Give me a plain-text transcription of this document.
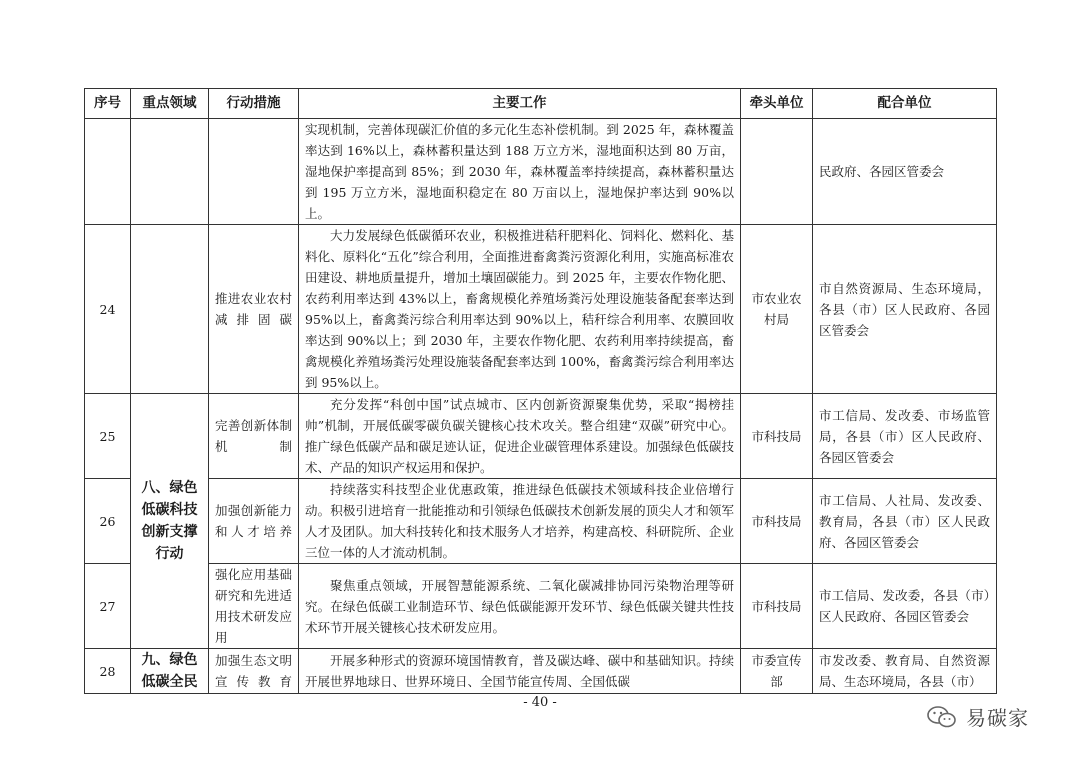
序号	重点领域	行动措施	主要工作	牵头单位	配合单位
			实现机制，完善体现碳汇价值的多元化生态补偿机制。到 2025 年，森林覆盖率达到 16%以上，森林蓄积量达到 188 万立方米，湿地面积达到 80 万亩，湿地保护率提高到 85%；到 2030 年，森林覆盖率持续提高，森林蓄积量达到 195 万立方米，湿地面积稳定在 80 万亩以上，湿地保护率达到 90%以上。		民政府、各园区管委会
24		推进农业农村减排固碳	大力发展绿色低碳循环农业，积极推进秸秆肥料化、饲料化、燃料化、基料化、原料化“五化”综合利用，全面推进畜禽粪污资源化利用，实施高标准农田建设、耕地质量提升，增加土壤固碳能力。到 2025 年，主要农作物化肥、农药利用率达到 43%以上，畜禽规模化养殖场粪污处理设施装备配套率达到 95%以上，畜禽粪污综合利用率达到 90%以上，秸秆综合利用率、农膜回收率达到 90%以上；到 2030 年，主要农作物化肥、农药利用率持续提高，畜禽规模化养殖场粪污处理设施装备配套率达到 100%，畜禽粪污综合利用率达到 95%以上。	市农业农村局	市自然资源局、生态环境局，各县（市）区人民政府、各园区管委会
25	八、绿色低碳科技创新支撑行动	完善创新体制机制	充分发挥“科创中国”试点城市、区内创新资源聚集优势，采取“揭榜挂帅”机制，开展低碳零碳负碳关键核心技术攻关。整合组建“双碳”研究中心。推广绿色低碳产品和碳足迹认证，促进企业碳管理体系建设。加强绿色低碳技术、产品的知识产权运用和保护。	市科技局	市工信局、发改委、市场监管局，各县（市）区人民政府、各园区管委会
26		加强创新能力和人才培养	持续落实科技型企业优惠政策，推进绿色低碳技术领域科技企业倍增行动。积极引进培育一批能推动和引领绿色低碳技术创新发展的顶尖人才和领军人才及团队。加大科技转化和技术服务人才培养，构建高校、科研院所、企业三位一体的人才流动机制。	市科技局	市工信局、人社局、发改委、教育局，各县（市）区人民政府、各园区管委会
27		强化应用基础研究和先进适用技术研发应用	聚焦重点领域，开展智慧能源系统、二氧化碳减排协同污染物治理等研究。在绿色低碳工业制造环节、绿色低碳能源开发环节、绿色低碳关键共性技术环节开展关键核心技术研发应用。	市科技局	市工信局、发改委，各县（市）区人民政府、各园区管委会
28	九、绿色低碳全民	加强生态文明宣传教育	开展多种形式的资源环境国情教育，普及碳达峰、碳中和基础知识。持续开展世界地球日、世界环境日、全国节能宣传周、全国低碳	市委宣传部	市发改委、教育局、自然资源局、生态环境局，各县（市）
- 40 -
易碳家
